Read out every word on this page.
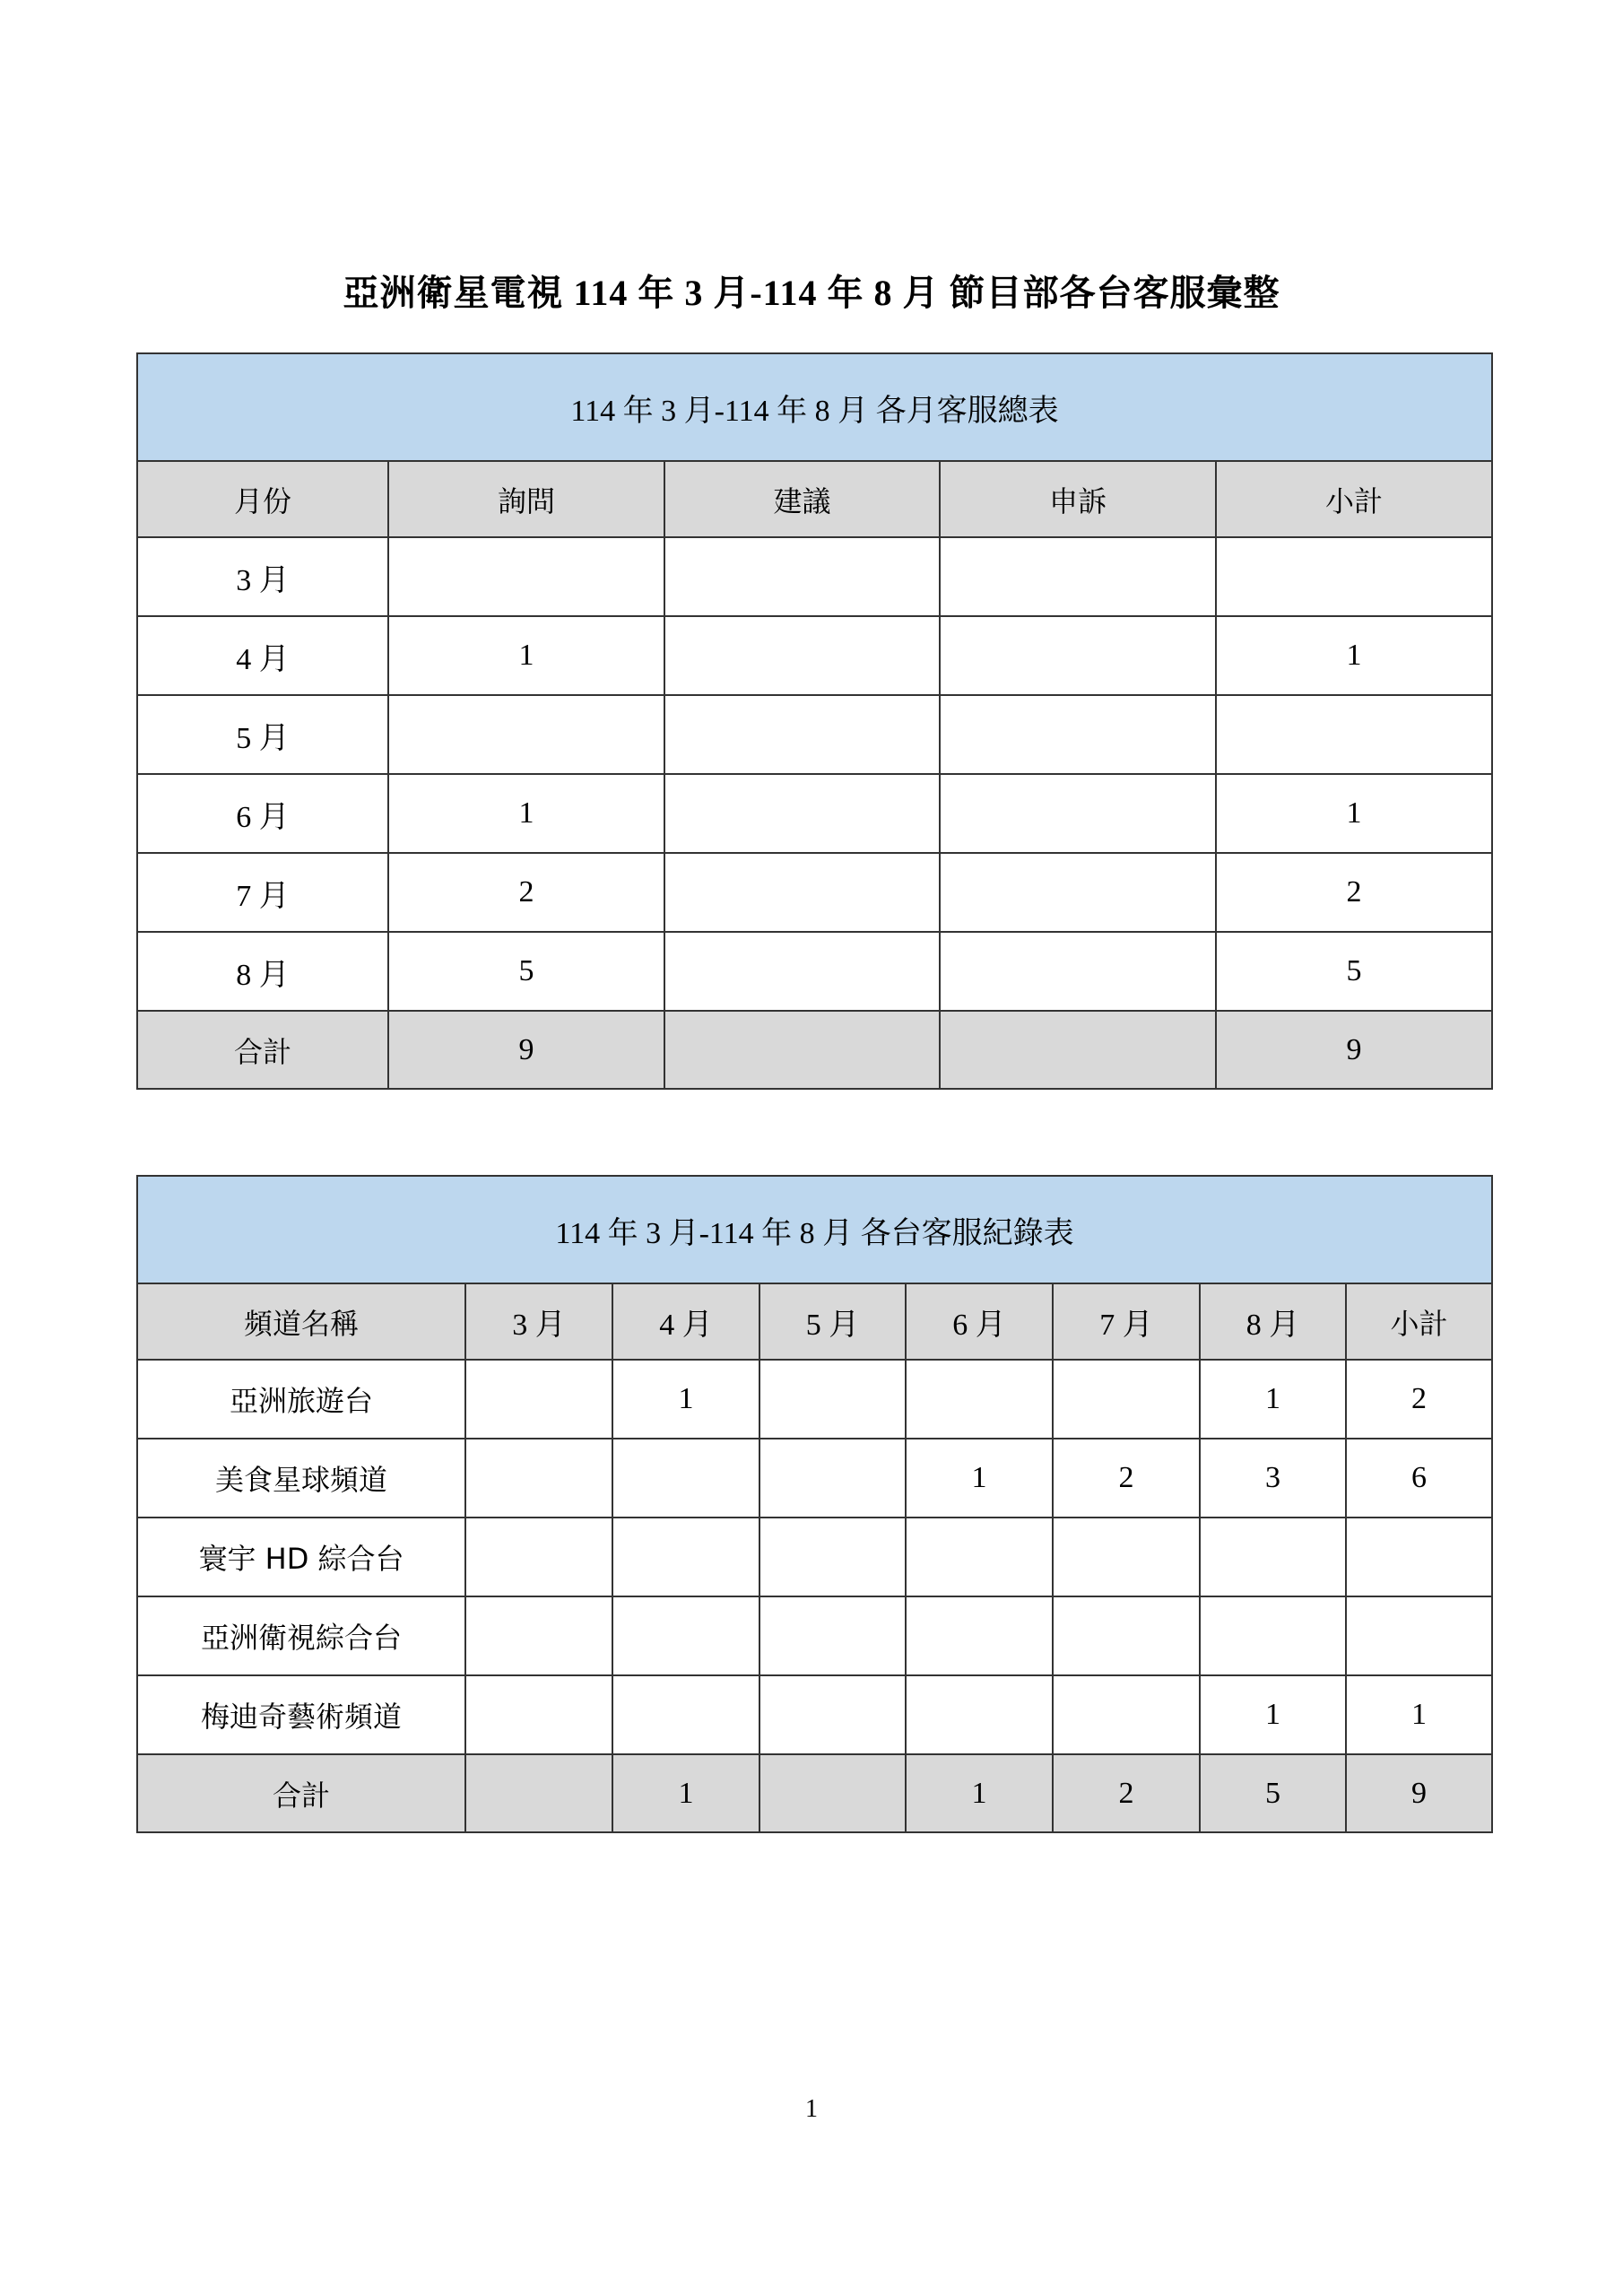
亞洲衛星電視 114 年 3 月-114 年 8 月 節目部各台客服彙整
114 年 3 月-114 年 8 月 各月客服總表				
月份	詢問	建議	申訴	小計
3 月				
4 月	1			1
5 月				
6 月	1			1
7 月	2			2
8 月	5			5
合計	9			9
114 年 3 月-114 年 8 月 各台客服紀錄表							
頻道名稱	3 月	4 月	5 月	6 月	7 月	8 月	小計
亞洲旅遊台		1				1	2
美食星球頻道				1	2	3	6
寰宇 HD 綜合台							
亞洲衛視綜合台							
梅迪奇藝術頻道						1	1
合計		1		1	2	5	9
1
